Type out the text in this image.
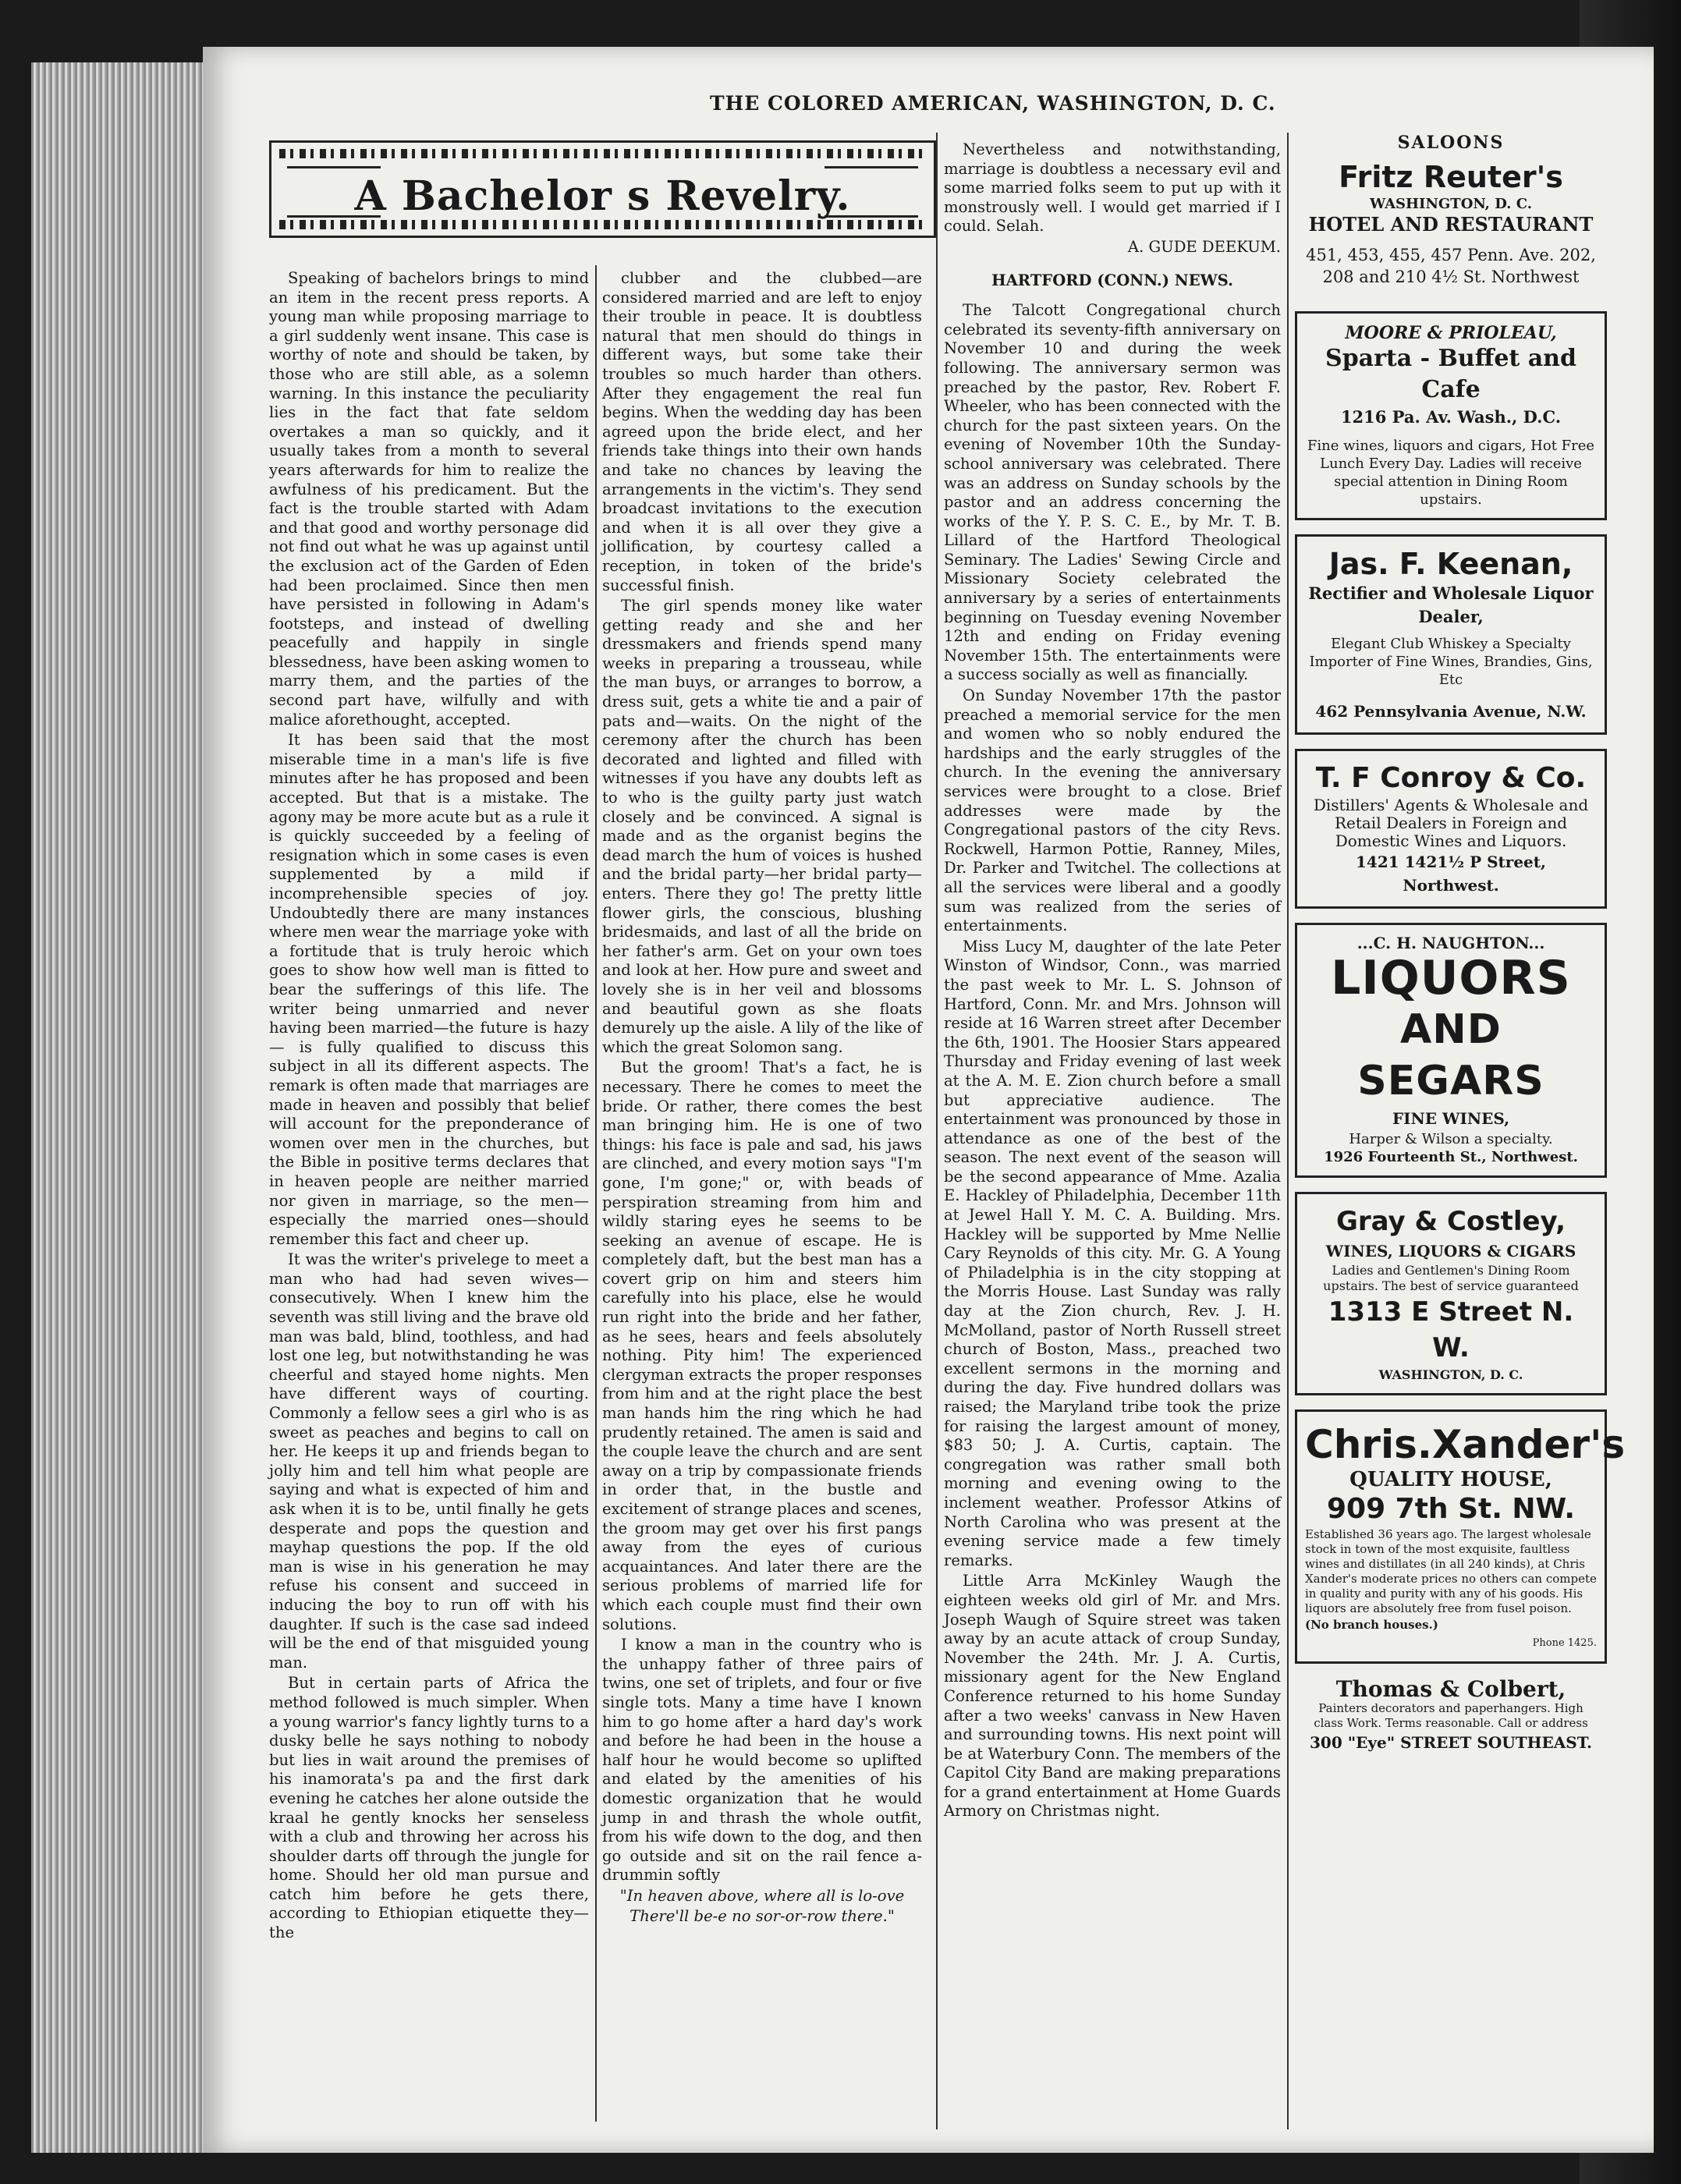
THE COLORED AMERICAN, WASHINGTON, D. C.
A Bachelor s Revelry.

Speaking of bachelors brings to mind an item in the recent press reports. A young man while proposing marriage to a girl suddenly went insane. This case is worthy of note and should be taken, by those who are still able, as a solemn warning. In this instance the peculiarity lies in the fact that fate seldom overtakes a man so quickly, and it usually takes from a month to several years afterwards for him to realize the awfulness of his predicament. But the fact is the trouble started with Adam and that good and worthy personage did not find out what he was up against until the exclusion act of the Garden of Eden had been proclaimed. Since then men have persisted in following in Adam's footsteps, and instead of dwelling peacefully and happily in single blessedness, have been asking women to marry them, and the parties of the second part have, wilfully and with malice aforethought, accepted.

It has been said that the most miserable time in a man's life is five minutes after he has proposed and been accepted. But that is a mistake. The agony may be more acute but as a rule it is quickly succeeded by a feeling of resignation which in some cases is even supplemented by a mild if incomprehensible species of joy. Undoubtedly there are many instances where men wear the marriage yoke with a fortitude that is truly heroic which goes to show how well man is fitted to bear the sufferings of this life. The writer being unmarried and never having been married—the future is hazy— is fully qualified to discuss this subject in all its different aspects. The remark is often made that marriages are made in heaven and possibly that belief will account for the preponderance of women over men in the churches, but the Bible in positive terms declares that in heaven people are neither married nor given in marriage, so the men—especially the married ones—should remember this fact and cheer up.

It was the writer's privelege to meet a man who had had seven wives—consecutively. When I knew him the seventh was still living and the brave old man was bald, blind, toothless, and had lost one leg, but notwithstanding he was cheerful and stayed home nights. Men have different ways of courting. Commonly a fellow sees a girl who is as sweet as peaches and begins to call on her. He keeps it up and friends began to jolly him and tell him what people are saying and what is expected of him and ask when it is to be, until finally he gets desperate and pops the question and mayhap questions the pop. If the old man is wise in his generation he may refuse his consent and succeed in inducing the boy to run off with his daughter. If such is the case sad indeed will be the end of that misguided young man.

But in certain parts of Africa the method followed is much simpler. When a young warrior's fancy lightly turns to a dusky belle he says nothing to nobody but lies in wait around the premises of his inamorata's pa and the first dark evening he catches her alone outside the kraal he gently knocks her senseless with a club and throwing her across his shoulder darts off through the jungle for home. Should her old man pursue and catch him before he gets there, according to Ethiopian etiquette they—the

clubber and the clubbed—are considered married and are left to enjoy their trouble in peace. It is doubtless natural that men should do things in different ways, but some take their troubles so much harder than others. After they engagement the real fun begins. When the wedding day has been agreed upon the bride elect, and her friends take things into their own hands and take no chances by leaving the arrangements in the victim's. They send broadcast invitations to the execution and when it is all over they give a jollification, by courtesy called a reception, in token of the bride's successful finish.

The girl spends money like water getting ready and she and her dressmakers and friends spend many weeks in preparing a trousseau, while the man buys, or arranges to borrow, a dress suit, gets a white tie and a pair of pats and—waits. On the night of the ceremony after the church has been decorated and lighted and filled with witnesses if you have any doubts left as to who is the guilty party just watch closely and be convinced. A signal is made and as the organist begins the dead march the hum of voices is hushed and the bridal party—her bridal party—enters. There they go! The pretty little flower girls, the conscious, blushing bridesmaids, and last of all the bride on her father's arm. Get on your own toes and look at her. How pure and sweet and lovely she is in her veil and blossoms and beautiful gown as she floats demurely up the aisle. A lily of the like of which the great Solomon sang.

But the groom! That's a fact, he is necessary. There he comes to meet the bride. Or rather, there comes the best man bringing him. He is one of two things: his face is pale and sad, his jaws are clinched, and every motion says "I'm gone, I'm gone;" or, with beads of perspiration streaming from him and wildly staring eyes he seems to be seeking an avenue of escape. He is completely daft, but the best man has a covert grip on him and steers him carefully into his place, else he would run right into the bride and her father, as he sees, hears and feels absolutely nothing. Pity him! The experienced clergyman extracts the proper responses from him and at the right place the best man hands him the ring which he had prudently retained. The amen is said and the couple leave the church and are sent away on a trip by compassionate friends in order that, in the bustle and excitement of strange places and scenes, the groom may get over his first pangs away from the eyes of curious acquaintances. And later there are the serious problems of married life for which each couple must find their own solutions.

I know a man in the country who is the unhappy father of three pairs of twins, one set of triplets, and four or five single tots. Many a time have I known him to go home after a hard day's work and before he had been in the house a half hour he would become so uplifted and elated by the amenities of his domestic organization that he would jump in and thrash the whole outfit, from his wife down to the dog, and then go outside and sit on the rail fence a-drummin softly

"In heaven above, where all is lo-ove

There'll be-e no sor-or-row there."

Nevertheless and notwithstanding, marriage is doubtless a necessary evil and some married folks seem to put up with it monstrously well. I would get married if I could. Selah.

A. GUDE DEEKUM.

HARTFORD (CONN.) NEWS.

The Talcott Congregational church celebrated its seventy-fifth anniversary on November 10 and during the week following. The anniversary sermon was preached by the pastor, Rev. Robert F. Wheeler, who has been connected with the church for the past sixteen years. On the evening of November 10th the Sunday-school anniversary was celebrated. There was an address on Sunday schools by the pastor and an address concerning the works of the Y. P. S. C. E., by Mr. T. B. Lillard of the Hartford Theological Seminary. The Ladies' Sewing Circle and Missionary Society celebrated the anniversary by a series of entertainments beginning on Tuesday evening November 12th and ending on Friday evening November 15th. The entertainments were a success socially as well as financially.

On Sunday November 17th the pastor preached a memorial service for the men and women who so nobly endured the hardships and the early struggles of the church. In the evening the anniversary services were brought to a close. Brief addresses were made by the Congregational pastors of the city Revs. Rockwell, Harmon Pottie, Ranney, Miles, Dr. Parker and Twitchel. The collections at all the services were liberal and a goodly sum was realized from the series of entertainments.

Miss Lucy M, daughter of the late Peter Winston of Windsor, Conn., was married the past week to Mr. L. S. Johnson of Hartford, Conn. Mr. and Mrs. Johnson will reside at 16 Warren street after December the 6th, 1901. The Hoosier Stars appeared Thursday and Friday evening of last week at the A. M. E. Zion church before a small but appreciative audience. The entertainment was pronounced by those in attendance as one of the best of the season. The next event of the season will be the second appearance of Mme. Azalia E. Hackley of Philadelphia, December 11th at Jewel Hall Y. M. C. A. Building. Mrs. Hackley will be supported by Mme Nellie Cary Reynolds of this city. Mr. G. A Young of Philadelphia is in the city stopping at the Morris House. Last Sunday was rally day at the Zion church, Rev. J. H. McMolland, pastor of North Russell street church of Boston, Mass., preached two excellent sermons in the morning and during the day. Five hundred dollars was raised; the Maryland tribe took the prize for raising the largest amount of money, $83 50; J. A. Curtis, captain. The congregation was rather small both morning and evening owing to the inclement weather. Professor Atkins of North Carolina who was present at the evening service made a few timely remarks.

Little Arra McKinley Waugh the eighteen weeks old girl of Mr. and Mrs. Joseph Waugh of Squire street was taken away by an acute attack of croup Sunday, November the 24th. Mr. J. A. Curtis, missionary agent for the New England Conference returned to his home Sunday after a two weeks' canvass in New Haven and surrounding towns. His next point will be at Waterbury Conn. The members of the Capitol City Band are making preparations for a grand entertainment at Home Guards Armory on Christmas night.

SALOONS
Fritz Reuter's
WASHINGTON, D. C.
HOTEL AND RESTAURANT
451, 453, 455, 457 Penn. Ave. 202, 208 and 210 4½ St. Northwest
MOORE & PRIOLEAU,
Sparta - Buffet and Cafe
1216 Pa. Av. Wash., D.C.
Fine wines, liquors and cigars, Hot Free Lunch Every Day. Ladies will receive special attention in Dining Room upstairs.
Jas. F. Keenan,
Rectifier and Wholesale Liquor Dealer,
Elegant Club Whiskey a Specialty Importer of Fine Wines, Brandies, Gins, Etc
462 Pennsylvania Avenue, N.W.
T. F Conroy & Co.
Distillers' Agents & Wholesale and Retail Dealers in Foreign and Domestic Wines and Liquors.
1421 1421½ P Street, Northwest.
...C. H. NAUGHTON...
LIQUORS
AND SEGARS
FINE WINES,
Harper & Wilson a specialty.
1926 Fourteenth St., Northwest.
Gray & Costley,
WINES, LIQUORS & CIGARS
Ladies and Gentlemen's Dining Room upstairs. The best of service guaranteed
1313 E Street N. W.
WASHINGTON, D. C.
Chris.Xander's
QUALITY HOUSE,
909 7th St. NW.
Established 36 years ago. The largest wholesale stock in town of the most exquisite, faultless wines and distillates (in all 240 kinds), at Chris Xander's moderate prices no others can compete in quality and purity with any of his goods. His liquors are absolutely free from fusel poison.
(No branch houses.)
Phone 1425.
Thomas & Colbert,
Painters decorators and paperhangers. High class Work. Terms reasonable. Call or address
300 "Eye" STREET SOUTHEAST.
